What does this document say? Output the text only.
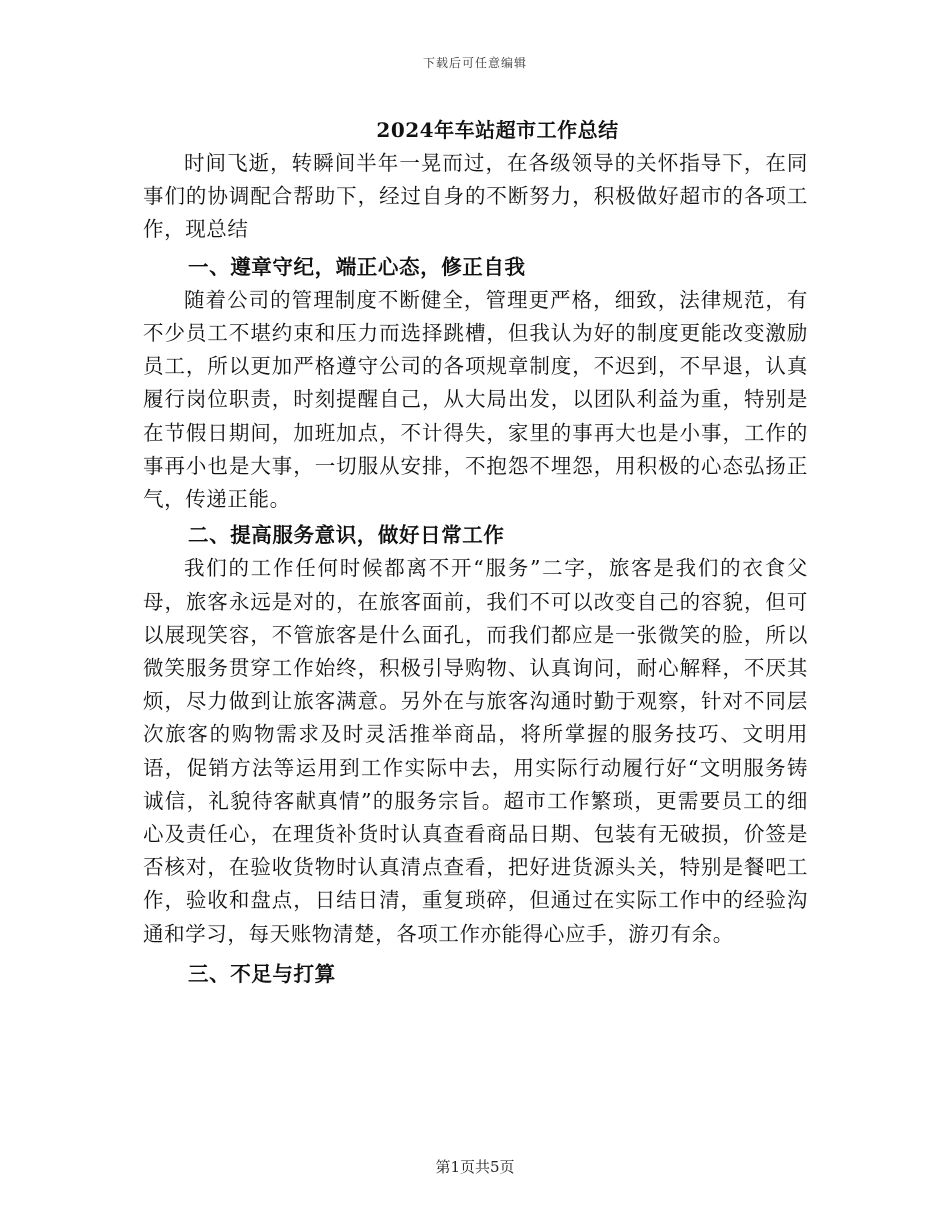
下载后可任意编辑
2024年车站超市工作总结

时间飞逝，转瞬间半年一晃而过，在各级领导的关怀指导下，在同事们的协调配合帮助下，经过自身的不断努力，积极做好超市的各项工作，现总结

一、遵章守纪，端正心态，修正自我

随着公司的管理制度不断健全，管理更严格，细致，法律规范，有不少员工不堪约束和压力而选择跳槽，但我认为好的制度更能改变激励员工，所以更加严格遵守公司的各项规章制度，不迟到，不早退，认真履行岗位职责，时刻提醒自己，从大局出发，以团队利益为重，特别是在节假日期间，加班加点，不计得失，家里的事再大也是小事，工作的事再小也是大事，一切服从安排，不抱怨不埋怨，用积极的心态弘扬正气，传递正能。

二、提高服务意识，做好日常工作

我们的工作任何时候都离不开“服务”二字，旅客是我们的衣食父母，旅客永远是对的，在旅客面前，我们不可以改变自己的容貌，但可以展现笑容，不管旅客是什么面孔，而我们都应是一张微笑的脸，所以微笑服务贯穿工作始终，积极引导购物、认真询问，耐心解释，不厌其烦，尽力做到让旅客满意。另外在与旅客沟通时勤于观察，针对不同层次旅客的购物需求及时灵活推举商品，将所掌握的服务技巧、文明用语，促销方法等运用到工作实际中去，用实际行动履行好“文明服务铸诚信，礼貌待客献真情”的服务宗旨。超市工作繁琐，更需要员工的细心及责任心，在理货补货时认真查看商品日期、包装有无破损，价签是否核对，在验收货物时认真清点查看，把好进货源头关，特别是餐吧工作，验收和盘点，日结日清，重复琐碎，但通过在实际工作中的经验沟通和学习，每天账物清楚，各项工作亦能得心应手，游刃有余。

三、不足与打算

第1页共5页
